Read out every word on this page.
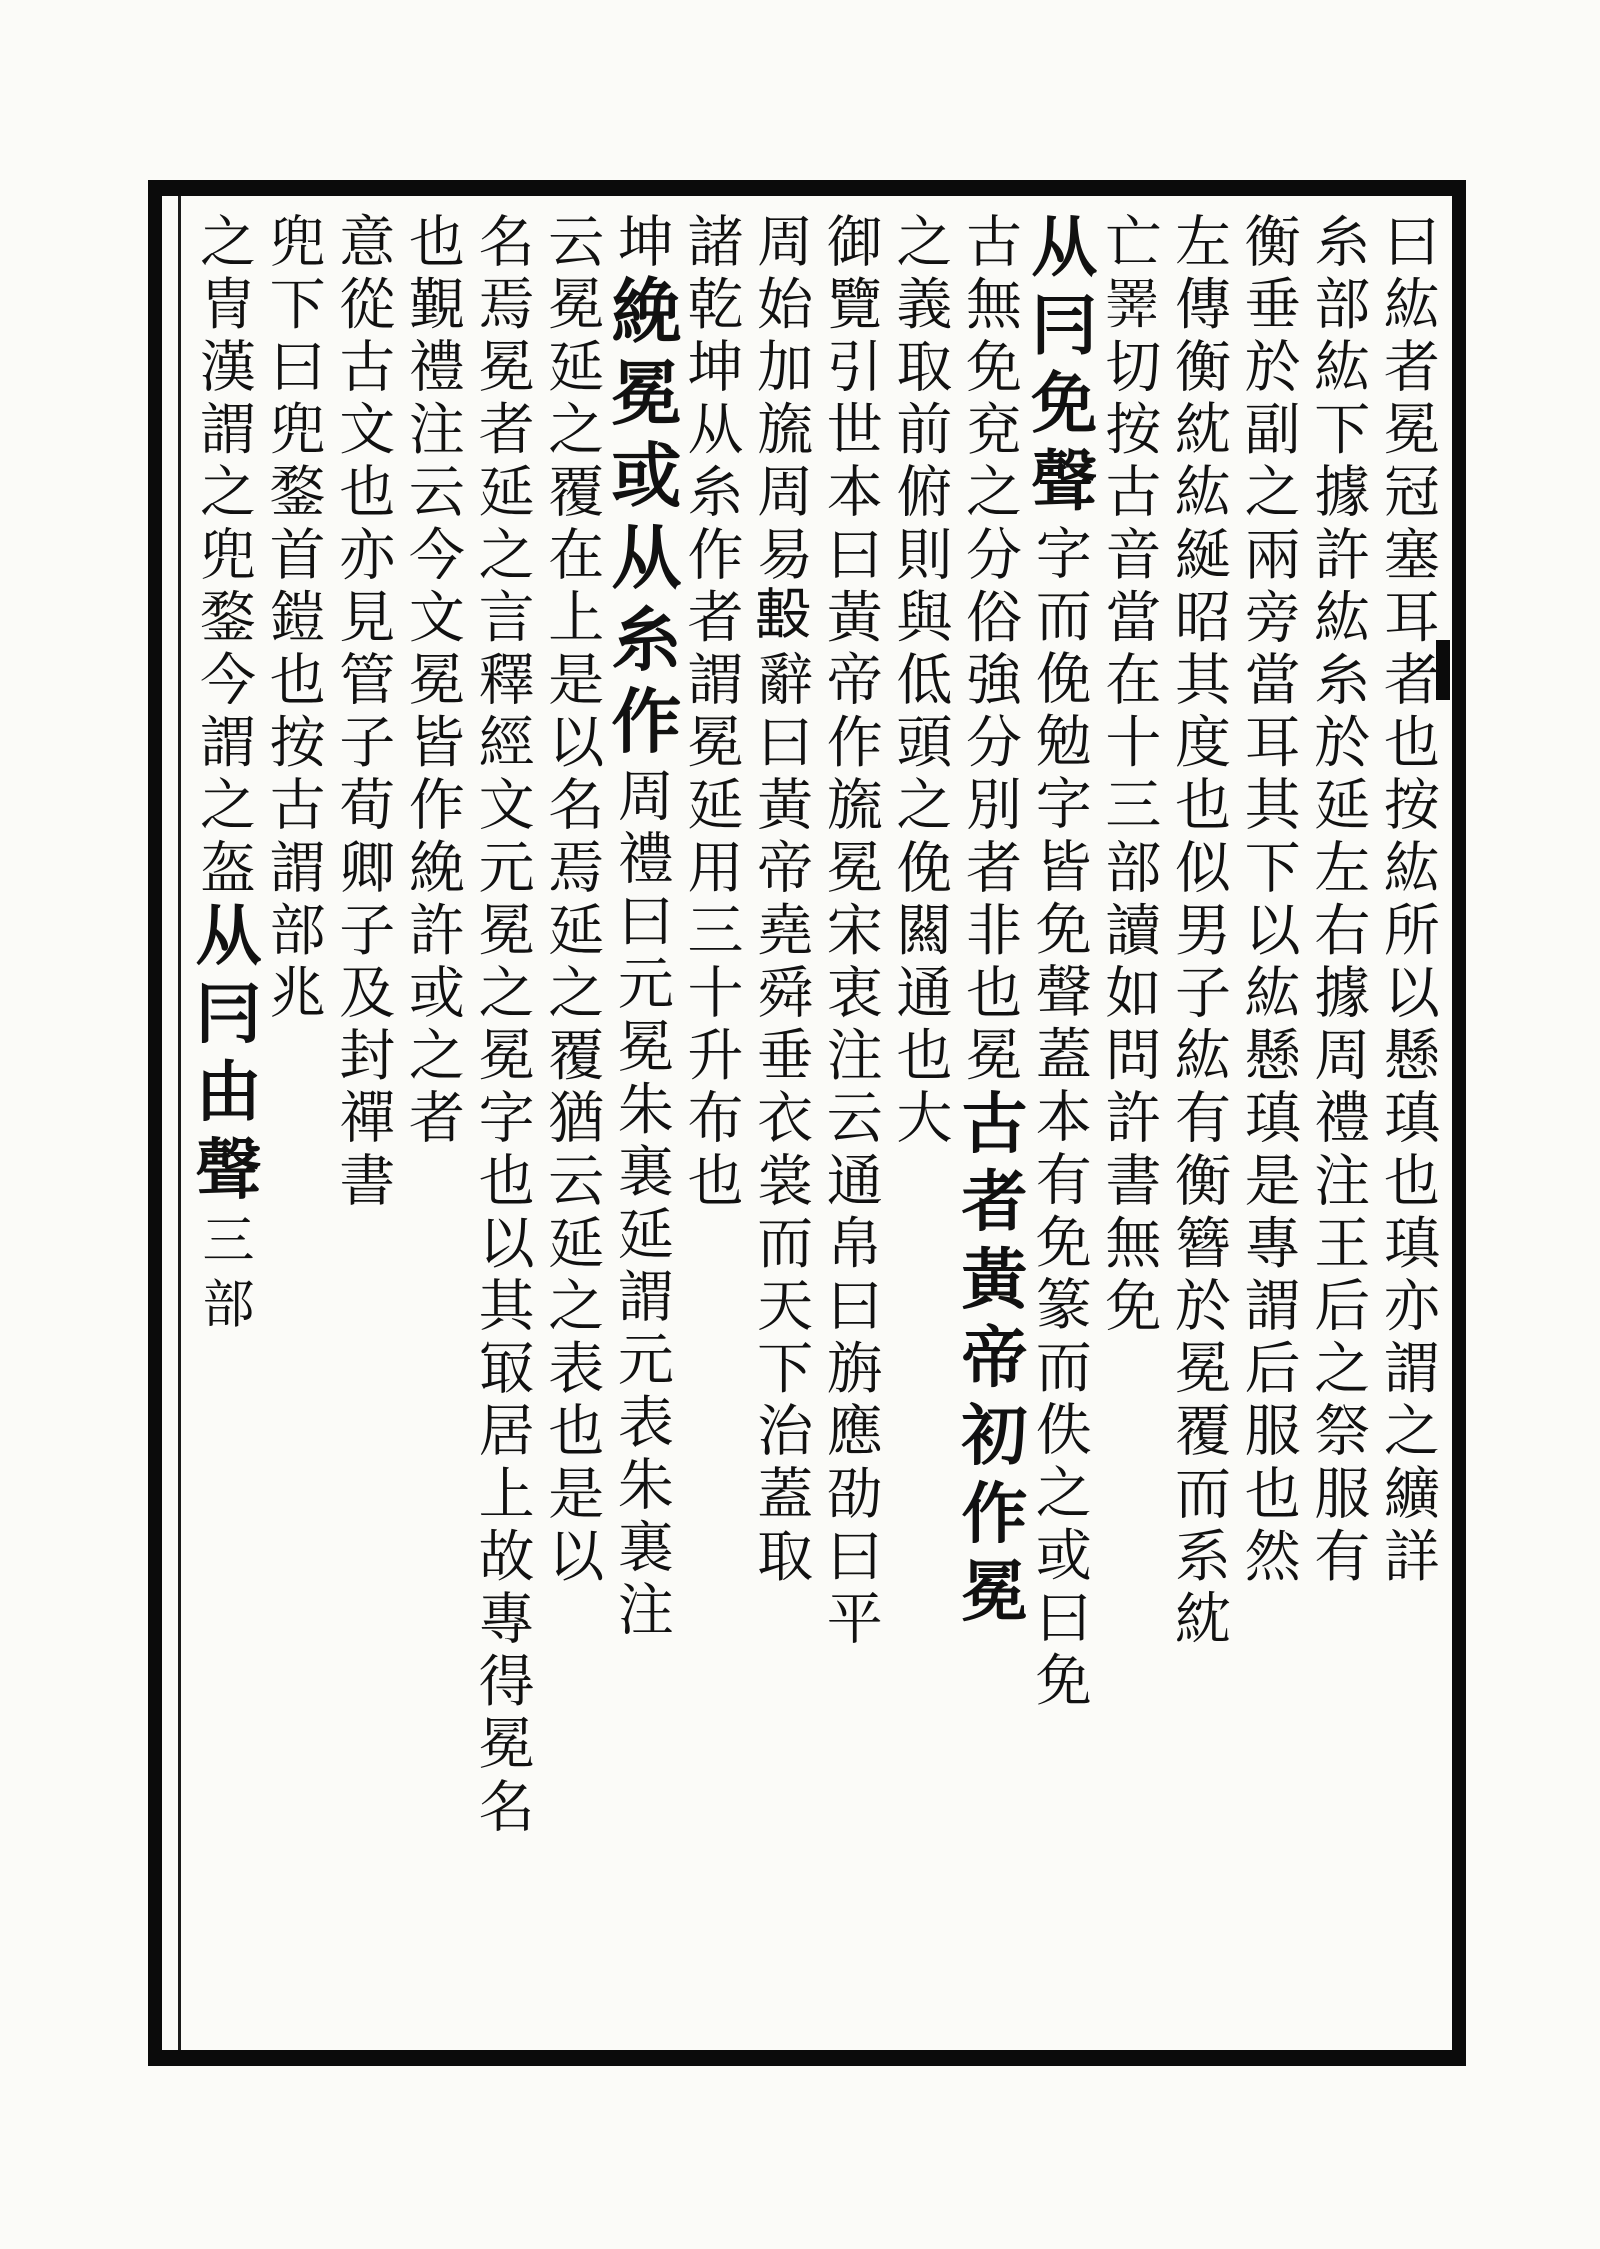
曰紘者冕冠塞耳者也按紘所以懸瑱也瑱亦謂之纊詳
糸部紘下據許紘糸於延左右據周禮注王后之祭服有
衡垂於副之兩旁當耳其下以紘懸瑱是專謂后服也然
左傳衡紞紘綖昭其度也似男子紘有衡簪於冕覆而系紞
亡𢍰切按古音當在十三部讀如問許書無免
从冃免聲字而俛勉字皆免聲蓋本有免篆而佚之或曰免
古無免兗之分俗強分別者非也冕古者黃帝初作冕
之義取前俯則與低頭之俛闗通也大
御覽引世本曰黃帝作旒冕宋衷注云通帛曰旃應劭曰平
周始加旒周易𣪠辭曰黃帝堯舜垂衣裳而天下治蓋取
諸乾坤从糸作者謂冕延用三十升布也
坤絻冕或从糸作周禮曰元冕朱裏延謂元表朱裏注
云冕延之覆在上是以名焉延之覆猶云延之表也是以
名焉冕者延之言釋經文元冕之冕字也以其冣居上故專得冕名
也覲禮注云今文冕皆作絻許或之者
意從古文也亦見管子荀卿子及封禪書
兜下曰兜鍪首鎧也按古謂部兆
之冑漢謂之兜鍪今謂之盔从冃由聲三部
